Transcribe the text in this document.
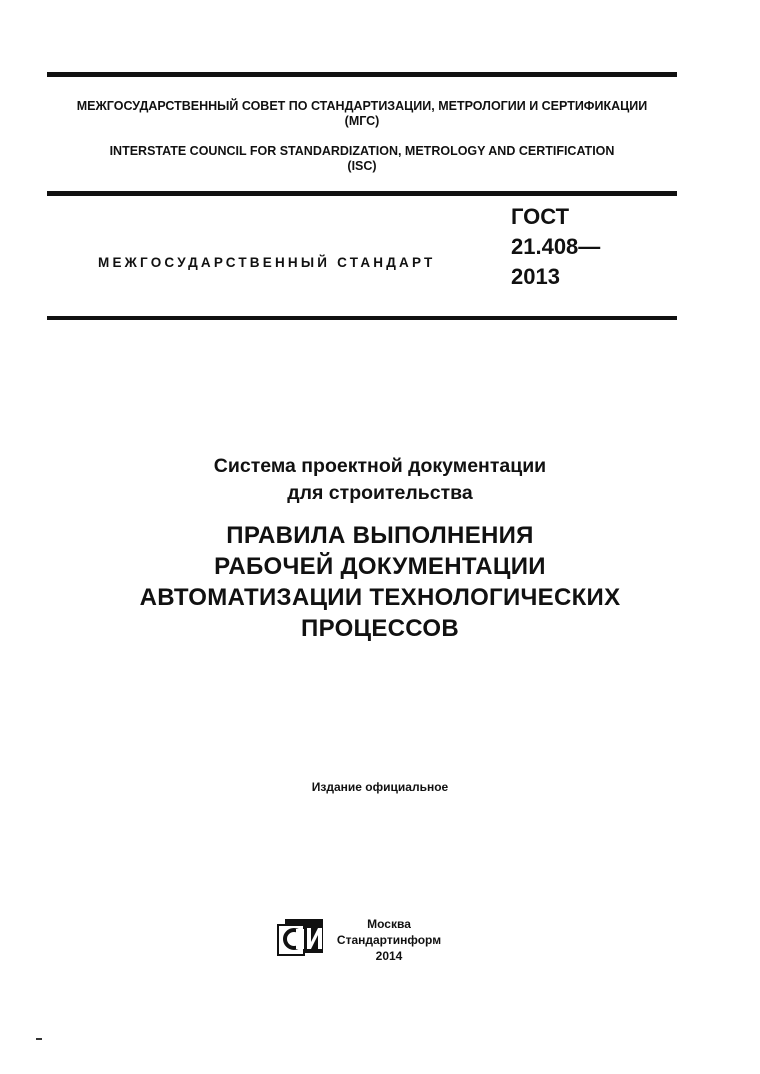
МЕЖГОСУДАРСТВЕННЫЙ СОВЕТ ПО СТАНДАРТИЗАЦИИ, МЕТРОЛОГИИ И СЕРТИФИКАЦИИ
(МГС)
INTERSTATE COUNCIL FOR STANDARDIZATION, METROLOGY AND CERTIFICATION
(ISC)
МЕЖГОСУДАРСТВЕННЫЙ СТАНДАРТ
ГОСТ
21.408—
2013
Система проектной документации
для строительства
ПРАВИЛА ВЫПОЛНЕНИЯ
РАБОЧЕЙ ДОКУМЕНТАЦИИ
АВТОМАТИЗАЦИИ ТЕХНОЛОГИЧЕСКИХ
ПРОЦЕССОВ
Издание официальное
Москва
Стандартинформ
2014
